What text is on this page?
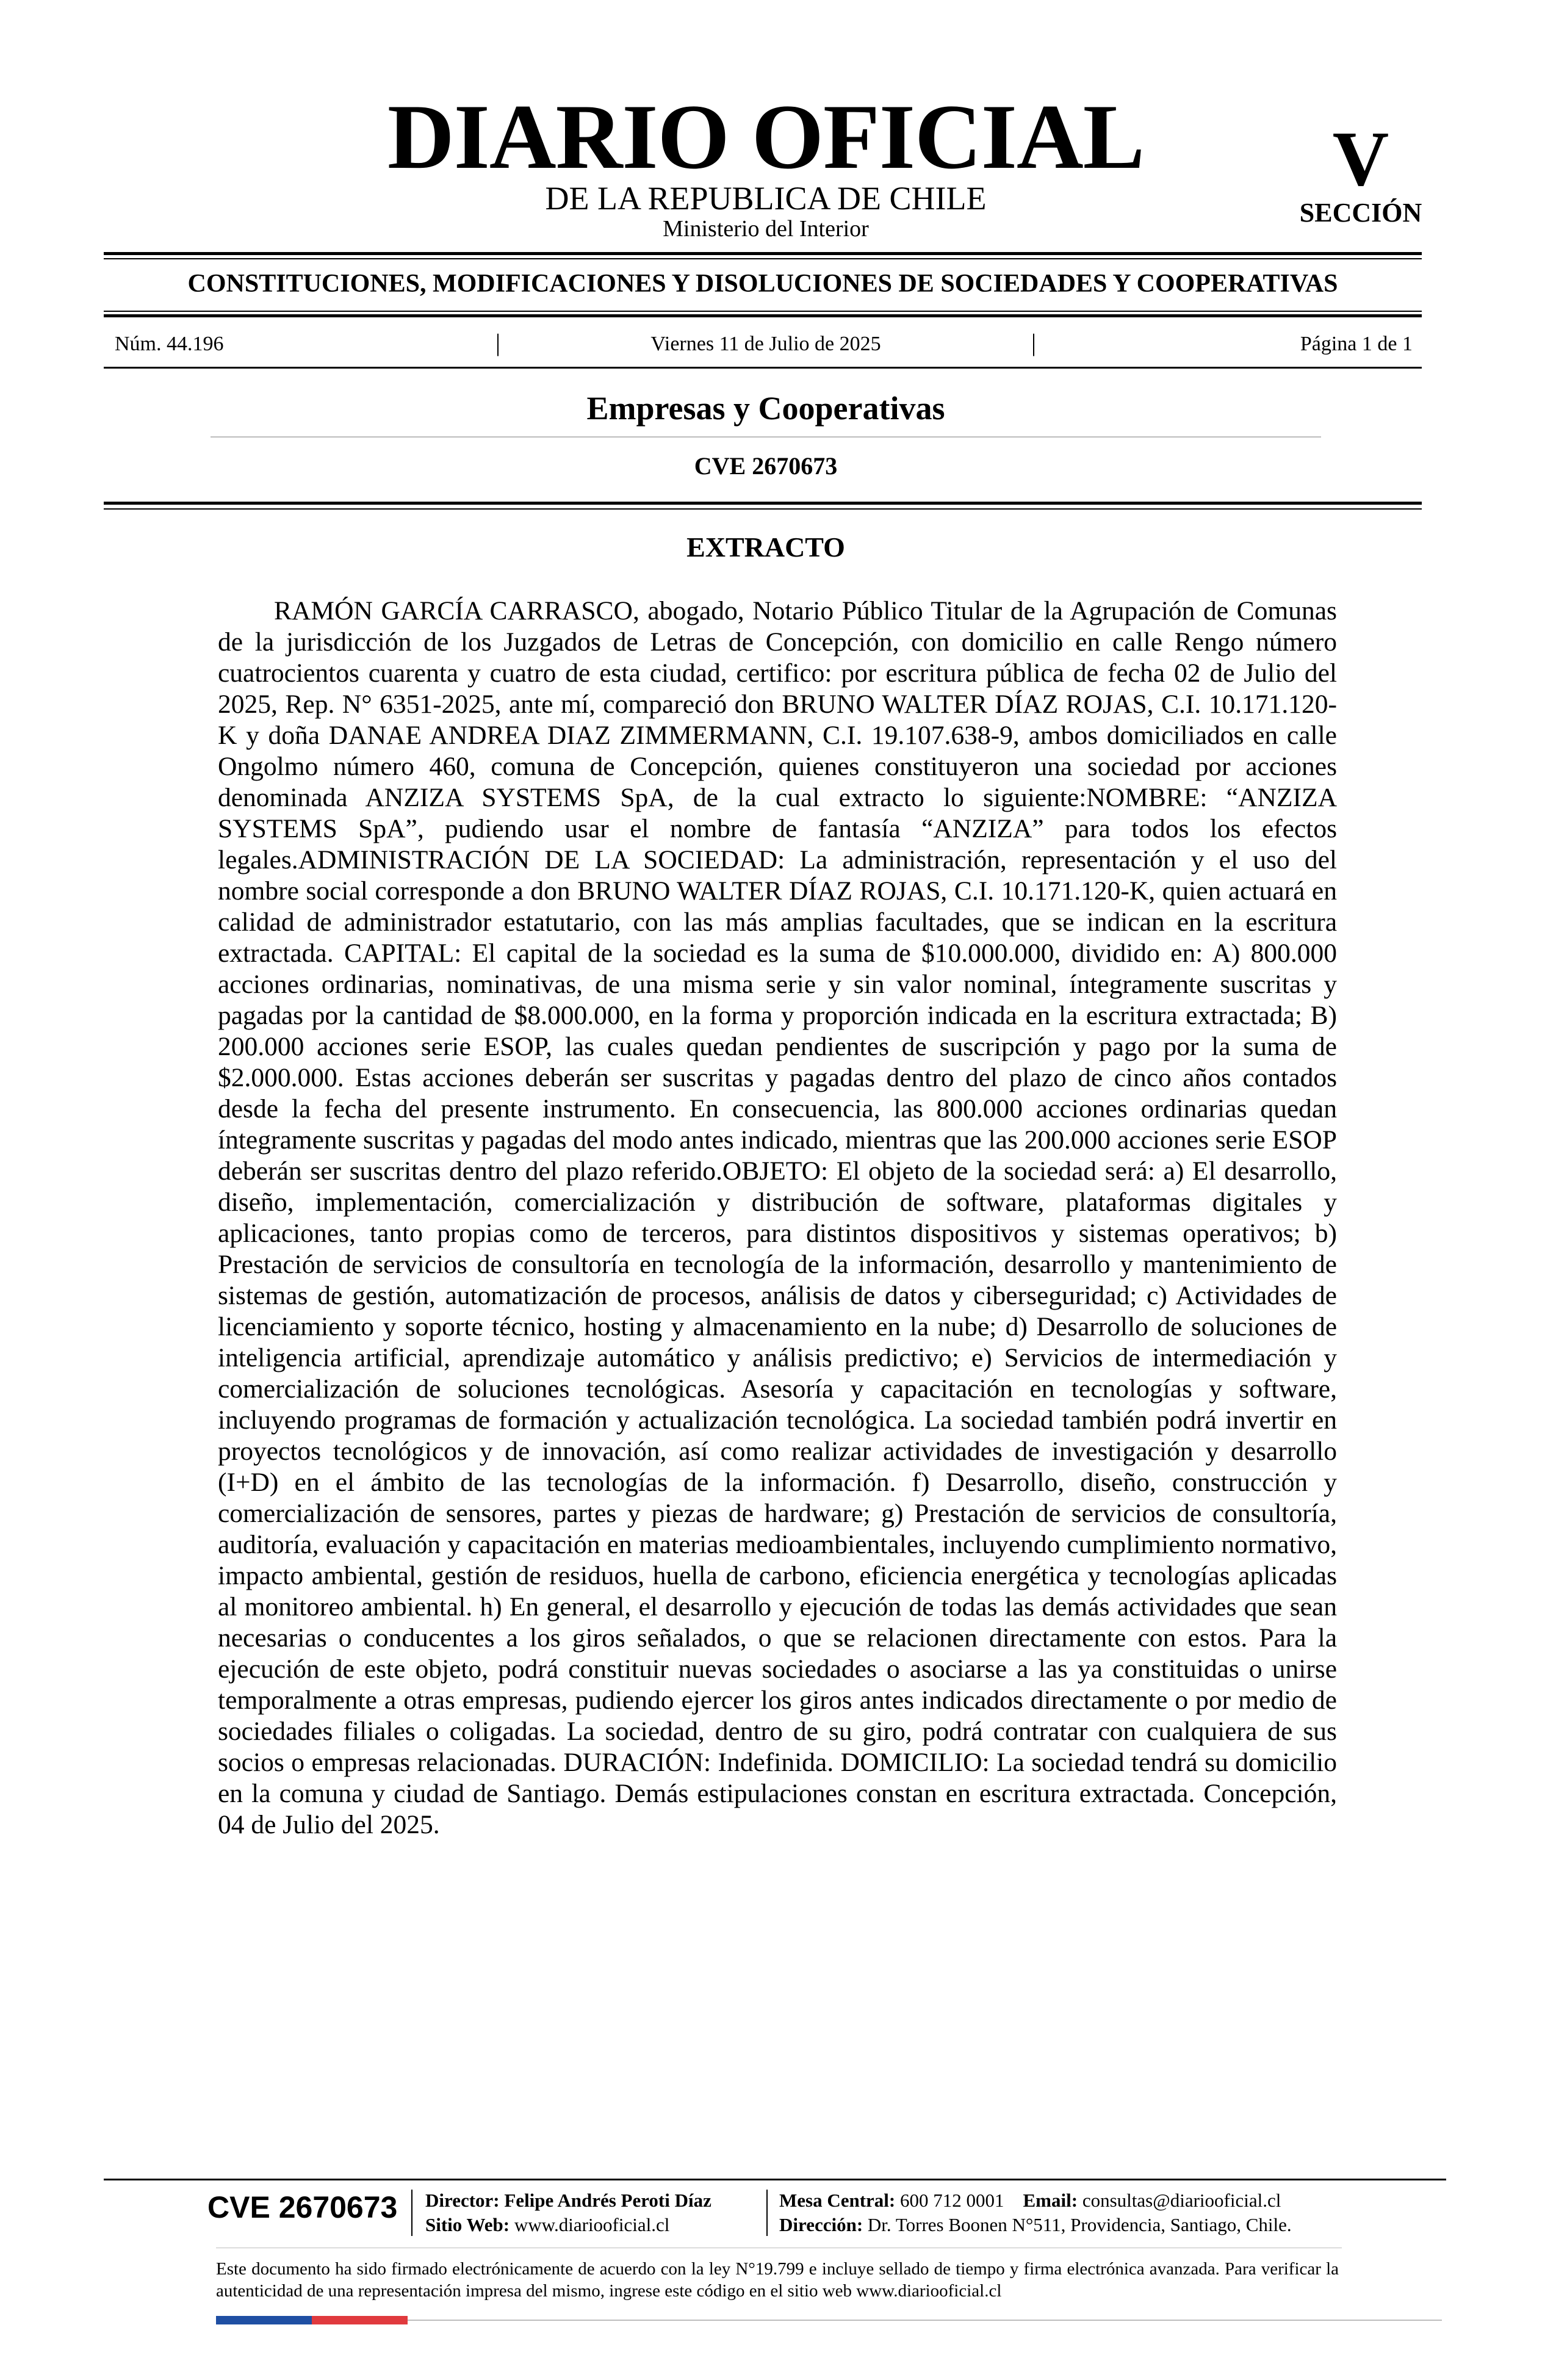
DIARIO OFICIAL
DE LA REPUBLICA DE CHILE
Ministerio del Interior
V
SECCIÓN
CONSTITUCIONES, MODIFICACIONES Y DISOLUCIONES DE SOCIEDADES Y COOPERATIVAS
Núm. 44.196	|	Viernes 11 de Julio de 2025	|	Página 1 de 1
Empresas y Cooperativas
CVE 2670673
EXTRACTO

RAMÓN GARCÍA CARRASCO, abogado, Notario Público Titular de la Agrupación de Comunas de la jurisdicción de los Juzgados de Letras de Concepción, con domicilio en calle Rengo número cuatrocientos cuarenta y cuatro de esta ciudad, certifico: por escritura pública de fecha 02 de Julio del 2025, Rep. N° 6351-2025, ante mí, compareció don BRUNO WALTER DÍAZ ROJAS, C.I. 10.171.120-K y doña DANAE ANDREA DIAZ ZIMMERMANN, C.I. 19.107.638-9, ambos domiciliados en calle Ongolmo número 460, comuna de Concepción, quienes constituyeron una sociedad por acciones denominada ANZIZA SYSTEMS SpA, de la cual extracto lo siguiente:NOMBRE: “ANZIZA SYSTEMS SpA”, pudiendo usar el nombre de fantasía “ANZIZA” para todos los efectos legales.ADMINISTRACIÓN DE LA SOCIEDAD: La administración, representación y el uso del nombre social corresponde a don BRUNO WALTER DÍAZ ROJAS, C.I. 10.171.120-K, quien actuará en calidad de administrador estatutario, con las más amplias facultades, que se indican en la escritura extractada. CAPITAL: El capital de la sociedad es la suma de $10.000.000, dividido en: A) 800.000 acciones ordinarias, nominativas, de una misma serie y sin valor nominal, íntegramente suscritas y pagadas por la cantidad de $8.000.000, en la forma y proporción indicada en la escritura extractada; B) 200.000 acciones serie ESOP, las cuales quedan pendientes de suscripción y pago por la suma de $2.000.000. Estas acciones deberán ser suscritas y pagadas dentro del plazo de cinco años contados desde la fecha del presente instrumento. En consecuencia, las 800.000 acciones ordinarias quedan íntegramente suscritas y pagadas del modo antes indicado, mientras que las 200.000 acciones serie ESOP deberán ser suscritas dentro del plazo referido.OBJETO: El objeto de la sociedad será: a) El desarrollo, diseño, implementación, comercialización y distribución de software, plataformas digitales y aplicaciones, tanto propias como de terceros, para distintos dispositivos y sistemas operativos; b) Prestación de servicios de consultoría en tecnología de la información, desarrollo y mantenimiento de sistemas de gestión, automatización de procesos, análisis de datos y ciberseguridad; c) Actividades de licenciamiento y soporte técnico, hosting y almacenamiento en la nube; d) Desarrollo de soluciones de inteligencia artificial, aprendizaje automático y análisis predictivo; e) Servicios de intermediación y comercialización de soluciones tecnológicas. Asesoría y capacitación en tecnologías y software, incluyendo programas de formación y actualización tecnológica. La sociedad también podrá invertir en proyectos tecnológicos y de innovación, así como realizar actividades de investigación y desarrollo (I+D) en el ámbito de las tecnologías de la información. f) Desarrollo, diseño, construcción y comercialización de sensores, partes y piezas de hardware; g) Prestación de servicios de consultoría, auditoría, evaluación y capacitación en materias medioambientales, incluyendo cumplimiento normativo, impacto ambiental, gestión de residuos, huella de carbono, eficiencia energética y tecnologías aplicadas al monitoreo ambiental. h) En general, el desarrollo y ejecución de todas las demás actividades que sean necesarias o conducentes a los giros señalados, o que se relacionen directamente con estos. Para la ejecución de este objeto, podrá constituir nuevas sociedades o asociarse a las ya constituidas o unirse temporalmente a otras empresas, pudiendo ejercer los giros antes indicados directamente o por medio de sociedades filiales o coligadas. La sociedad, dentro de su giro, podrá contratar con cualquiera de sus socios o empresas relacionadas. DURACIÓN: Indefinida. DOMICILIO: La sociedad tendrá su domicilio en la comuna y ciudad de Santiago. Demás estipulaciones constan en escritura extractada. Concepción, 04 de Julio del 2025.

CVE 2670673 Director: Felipe Andrés Peroti Díaz
Sitio Web: www.diariooficial.cl
Mesa Central: 600 712 0001 Email: consultas@diariooficial.cl
Dirección: Dr. Torres Boonen N°511, Providencia, Santiago, Chile.
Este documento ha sido firmado electrónicamente de acuerdo con la ley N°19.799 e incluye sellado de tiempo y firma electrónica avanzada. Para verificar la autenticidad de una representación impresa del mismo, ingrese este código en el sitio web www.diariooficial.cl
